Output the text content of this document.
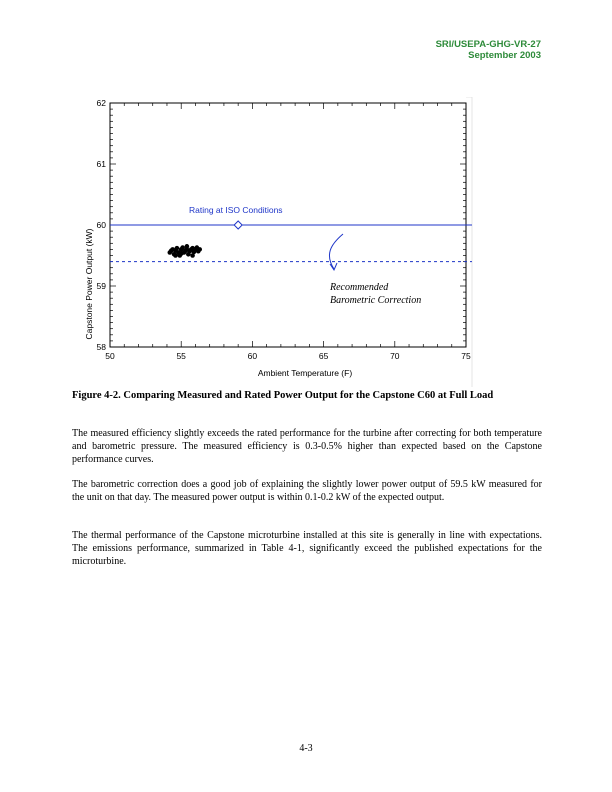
SRI/USEPA-GHG-VR-27
September 2003
50	55	60	65	70	75
58
59
60
61
62
Capstone Power Output (kW)
Ambient Temperature (F)
Rating at ISO Conditions
Recommended
Barometric Correction
Figure 4-2. Comparing Measured and Rated Power Output for the Capstone C60 at Full Load

The measured efficiency slightly exceeds the rated performance for the turbine after correcting for both temperature and barometric pressure. The measured efficiency is 0.3-0.5% higher than expected based on the Capstone performance curves.

The barometric correction does a good job of explaining the slightly lower power output of 59.5 kW measured for the unit on that day. The measured power output is within 0.1-0.2 kW of the expected output.

The thermal performance of the Capstone microturbine installed at this site is generally in line with expectations. The emissions performance, summarized in Table 4-1, significantly exceed the published expectations for the microturbine.

4-3
